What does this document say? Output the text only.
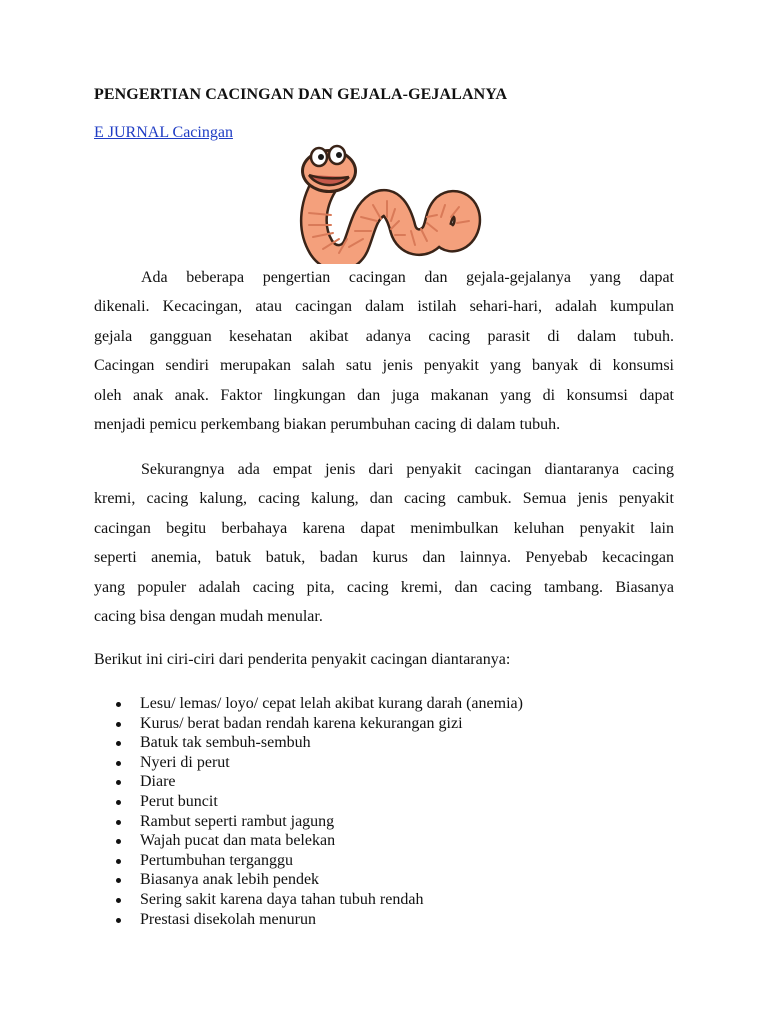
PENGERTIAN CACINGAN DAN GEJALA-GEJALANYA
E JURNAL Cacingan
Ada beberapa pengertian cacingan dan gejala-gejalanya yang dapat
dikenali. Kecacingan, atau cacingan dalam istilah sehari-hari, adalah kumpulan
gejala gangguan kesehatan akibat adanya cacing parasit di dalam tubuh.
Cacingan sendiri merupakan salah satu jenis penyakit yang banyak di konsumsi
oleh anak anak. Faktor lingkungan dan juga makanan yang di konsumsi dapat
menjadi pemicu perkembang biakan perumbuhan cacing di dalam tubuh.
Sekurangnya ada empat jenis dari penyakit cacingan diantaranya cacing
kremi, cacing kalung, cacing kalung, dan cacing cambuk. Semua jenis penyakit
cacingan begitu berbahaya karena dapat menimbulkan keluhan penyakit lain
seperti anemia, batuk batuk, badan kurus dan lainnya. Penyebab kecacingan
yang populer adalah cacing pita, cacing kremi, dan cacing tambang. Biasanya
cacing bisa dengan mudah menular.
Berikut ini ciri-ciri dari penderita penyakit cacingan diantaranya:
Lesu/ lemas/ loyo/ cepat lelah akibat kurang darah (anemia)
Kurus/ berat badan rendah karena kekurangan gizi
Batuk tak sembuh-sembuh
Nyeri di perut
Diare
Perut buncit
Rambut seperti rambut jagung
Wajah pucat dan mata belekan
Pertumbuhan terganggu
Biasanya anak lebih pendek
Sering sakit karena daya tahan tubuh rendah
Prestasi disekolah menurun
